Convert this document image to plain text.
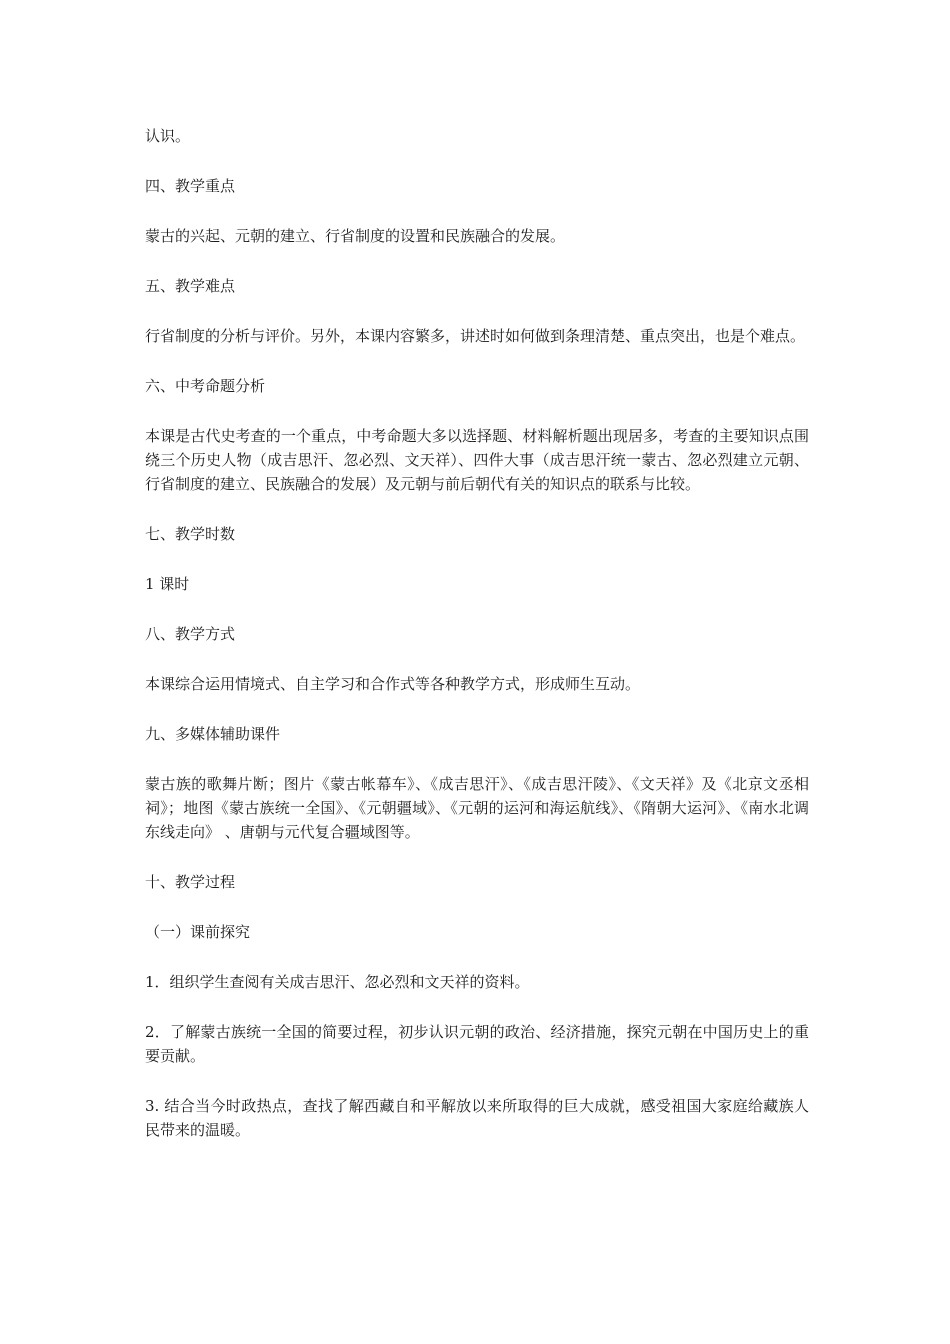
认识。

四、教学重点

蒙古的兴起、元朝的建立、行省制度的设置和民族融合的发展。

五、教学难点

行省制度的分析与评价。另外，本课内容繁多，讲述时如何做到条理清楚、重点突出，也是个难点。

六、中考命题分析

本课是古代史考查的一个重点，中考命题大多以选择题、材料解析题出现居多，考查的主要知识点围绕三个历史人物（成吉思汗、忽必烈、文天祥）、四件大事（成吉思汗统一蒙古、忽必烈建立元朝、行省制度的建立、民族融合的发展）及元朝与前后朝代有关的知识点的联系与比较。

七、教学时数

1 课时

八、教学方式

本课综合运用情境式、自主学习和合作式等各种教学方式，形成师生互动。

九、多媒体辅助课件

蒙古族的歌舞片断；图片《蒙古帐幕车》、《成吉思汗》、《成吉思汗陵》、《文天祥》及《北京文丞相祠》；地图《蒙古族统一全国》、《元朝疆域》、《元朝的运河和海运航线》、《隋朝大运河》、《南水北调东线走向》 、唐朝与元代复合疆域图等。

十、教学过程

（一）课前探究

1．组织学生查阅有关成吉思汗、忽必烈和文天祥的资料。

2．了解蒙古族统一全国的简要过程，初步认识元朝的政治、经济措施，探究元朝在中国历史上的重要贡献。

3. 结合当今时政热点，查找了解西藏自和平解放以来所取得的巨大成就，感受祖国大家庭给藏族人民带来的温暖。
